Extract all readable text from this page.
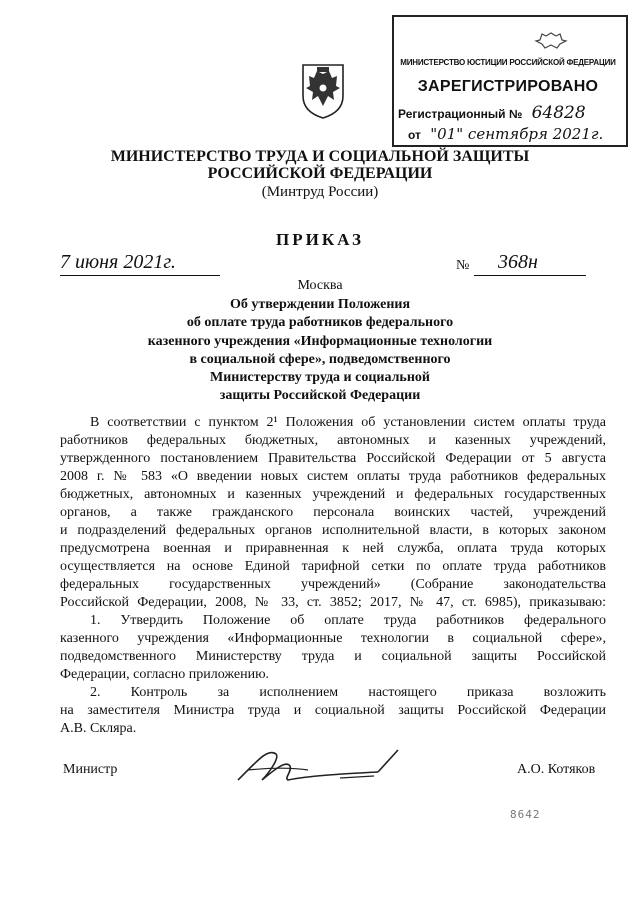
МИНИСТЕРСТВО ЮСТИЦИИ РОССИЙСКОЙ ФЕДЕРАЦИИ
ЗАРЕГИСТРИРОВАНО
Регистрационный № 64828
от "01" сентября 2021г.
МИНИСТЕРСТВО ТРУДА И СОЦИАЛЬНОЙ ЗАЩИТЫ
РОССИЙСКОЙ ФЕДЕРАЦИИ
(Минтруд России)
ПРИКАЗ
7 июня 2021г.	№ 368н
Москва
Об утверждении Положения
об оплате труда работников федерального
казенного учреждения «Информационные технологии
в социальной сфере», подведомственного
Министерству труда и социальной
защиты Российской Федерации
В соответствии с пунктом 2¹ Положения об установлении систем оплаты труда
работников федеральных бюджетных, автономных и казенных учреждений,
утвержденного постановлением Правительства Российской Федерации от 5 августа
2008 г. № 583 «О введении новых систем оплаты труда работников федеральных
бюджетных, автономных и казенных учреждений и федеральных государственных
органов, а также гражданского персонала воинских частей, учреждений
и подразделений федеральных органов исполнительной власти, в которых законом
предусмотрена военная и приравненная к ней служба, оплата труда которых
осуществляется на основе Единой тарифной сетки по оплате труда работников
федеральных государственных учреждений» (Собрание законодательства
Российской Федерации, 2008, № 33, ст. 3852; 2017, № 47, ст. 6985), приказываю:
1. Утвердить Положение об оплате труда работников федерального
казенного учреждения «Информационные технологии в социальной сфере»,
подведомственного Министерству труда и социальной защиты Российской
Федерации, согласно приложению.
2. Контроль за исполнением настоящего приказа возложить
на заместителя Министра труда и социальной защиты Российской Федерации
А.В. Скляра.
Министр	А.О. Котяков
8642
